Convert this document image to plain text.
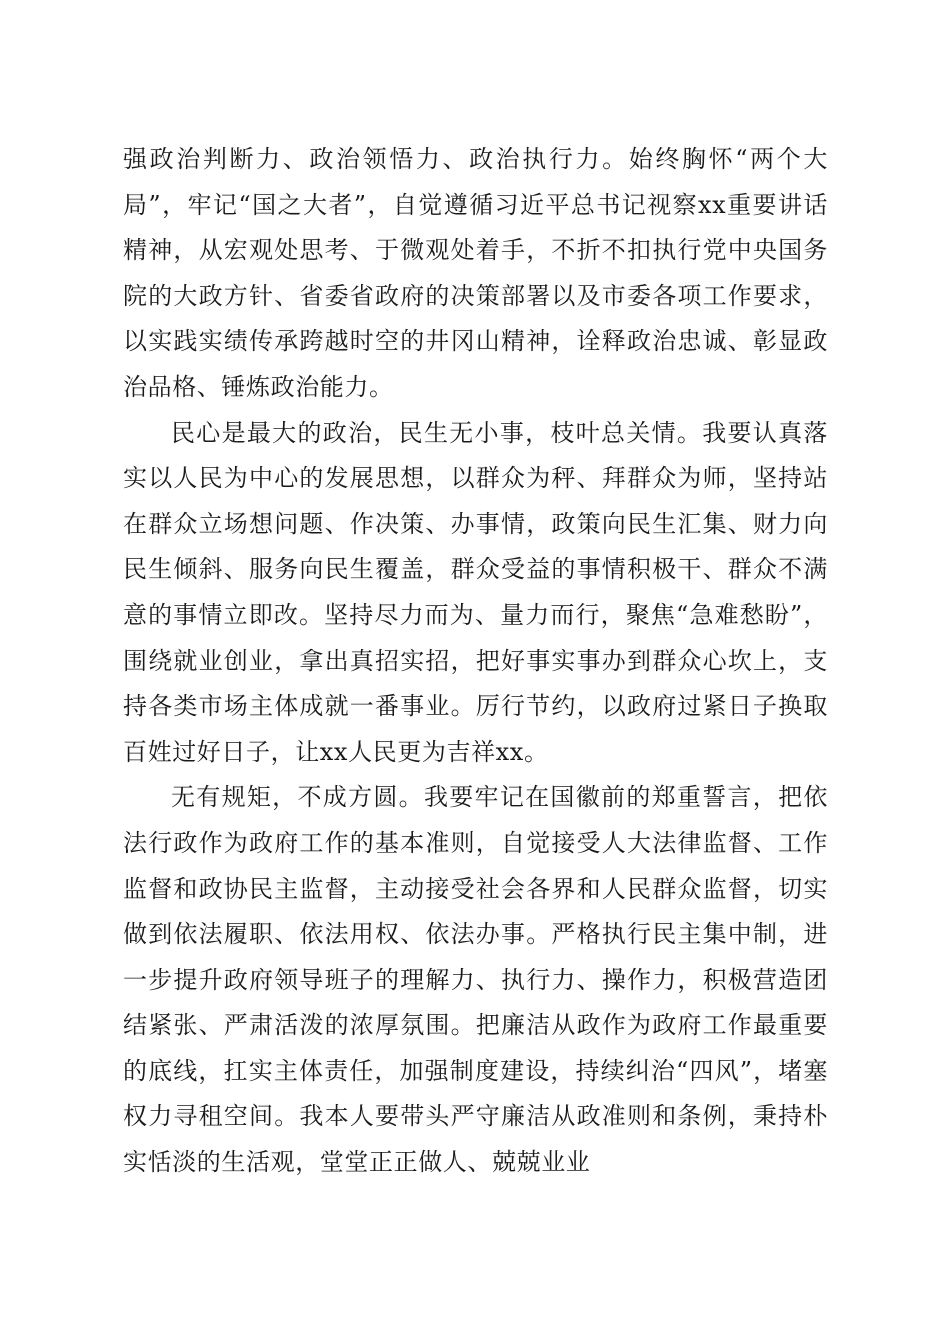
强政治判断力、政治领悟力、政治执行力。始终胸怀“两个大局”，牢记“国之大者”，自觉遵循习近平总书记视察xx重要讲话精神，从宏观处思考、于微观处着手，不折不扣执行党中央国务院的大政方针、省委省政府的决策部署以及市委各项工作要求，以实践实绩传承跨越时空的井冈山精神，诠释政治忠诚、彰显政治品格、锤炼政治能力。

民心是最大的政治，民生无小事，枝叶总关情。我要认真落实以人民为中心的发展思想，以群众为秤、拜群众为师，坚持站在群众立场想问题、作决策、办事情，政策向民生汇集、财力向民生倾斜、服务向民生覆盖，群众受益的事情积极干、群众不满意的事情立即改。坚持尽力而为、量力而行，聚焦“急难愁盼”，围绕就业创业，拿出真招实招，把好事实事办到群众心坎上，支持各类市场主体成就一番事业。厉行节约，以政府过紧日子换取百姓过好日子，让xx人民更为吉祥xx。

无有规矩，不成方圆。我要牢记在国徽前的郑重誓言，把依法行政作为政府工作的基本准则，自觉接受人大法律监督、工作监督和政协民主监督，主动接受社会各界和人民群众监督，切实做到依法履职、依法用权、依法办事。严格执行民主集中制，进一步提升政府领导班子的理解力、执行力、操作力，积极营造团结紧张、严肃活泼的浓厚氛围。把廉洁从政作为政府工作最重要的底线，扛实主体责任，加强制度建设，持续纠治“四风”，堵塞权力寻租空间。我本人要带头严守廉洁从政准则和条例，秉持朴实恬淡的生活观，堂堂正正做人、兢兢业业
